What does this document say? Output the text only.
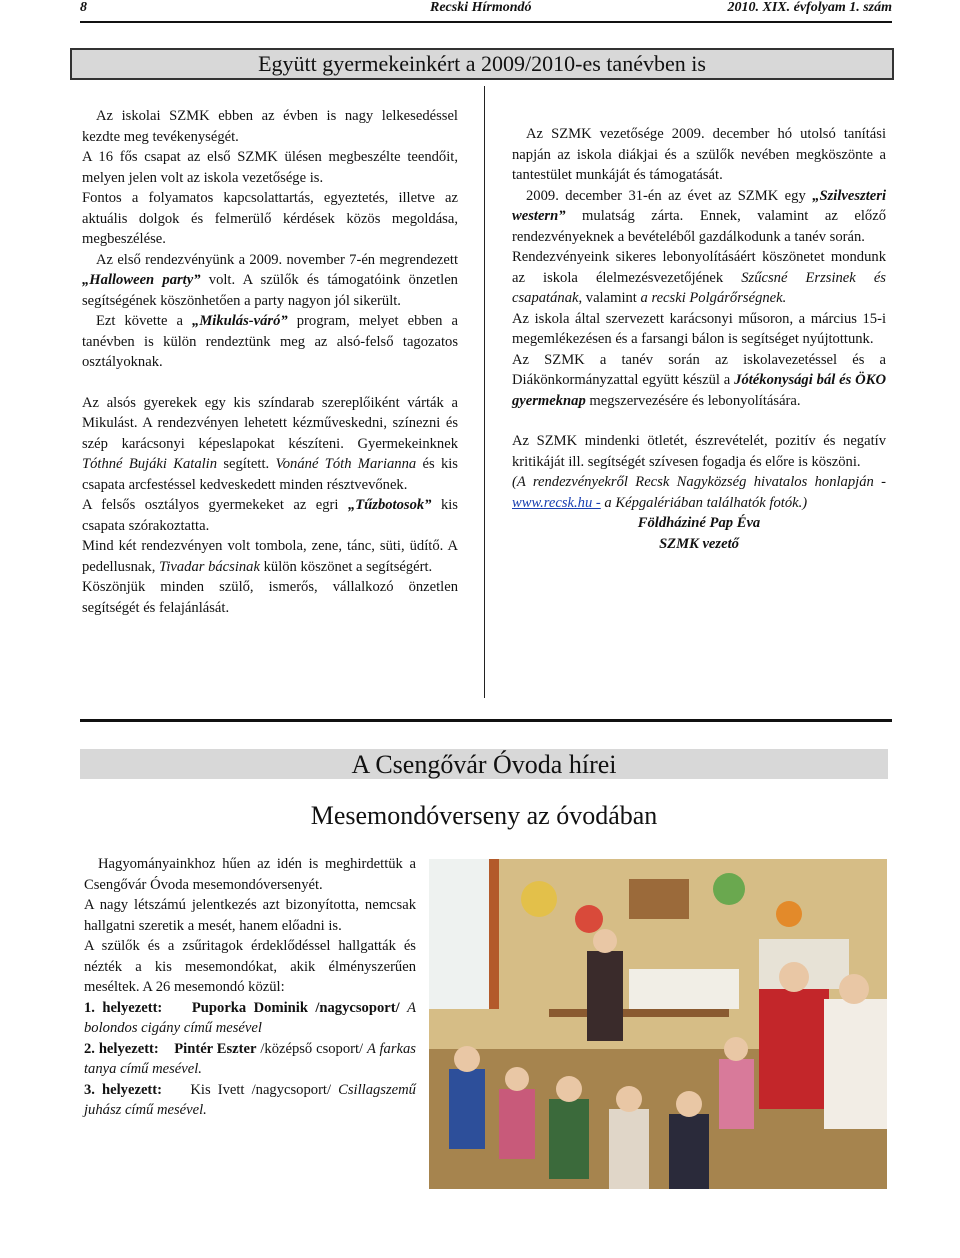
8	Recski Hírmondó	2010. XIX. évfolyam 1. szám
Együtt gyermekeinkért a 2009/2010-es tanévben is

Az iskolai SZMK ebben az évben is nagy lelkesedéssel kezdte meg tevékenységét.

A 16 fős csapat az első SZMK ülésen megbeszélte teendőit, melyen jelen volt az iskola vezetősége is.

Fontos a folyamatos kapcsolattartás, egyeztetés, illetve az aktuális dolgok és felmerülő kérdések közös megoldása, megbeszélése.

Az első rendezvényünk a 2009. november 7-én megrendezett „Halloween party” volt. A szülők és támogatóink önzetlen segítségének köszönhetően a party nagyon jól sikerült.

Ezt követte a „Mikulás-váró” program, melyet ebben a tanévben is külön rendeztünk meg az alsó-felső tagozatos osztályoknak.

Az alsós gyerekek egy kis színdarab szereplőiként várták a Mikulást. A rendezvényen lehetett kézműveskedni, színezni és szép karácsonyi képeslapokat készíteni. Gyermekeinknek Tóthné Bujáki Katalin segített. Vonáné Tóth Marianna és kis csapata arcfestéssel kedveskedett minden résztvevőnek.

A felsős osztályos gyermekeket az egri „Tűzbotosok” kis csapata szórakoztatta.

Mind két rendezvényen volt tombola, zene, tánc, süti, üdítő. A pedellusnak, Tivadar bácsinak külön köszönet a segítségért.

Köszönjük minden szülő, ismerős, vállalkozó önzetlen segítségét és felajánlását.

Az SZMK vezetősége 2009. december hó utolsó tanítási napján az iskola diákjai és a szülők nevében megköszönte a tantestület munkáját és támogatását.

2009. december 31-én az évet az SZMK egy „Szilveszteri western” mulatság zárta. Ennek, valamint az előző rendezvényeknek a bevételéből gazdálkodunk a tanév során.

Rendezvényeink sikeres lebonyolításáért köszönetet mondunk az iskola élelmezésvezetőjének Szűcsné Erzsinek és csapatának, valamint a recski Polgárőrségnek.

Az iskola által szervezett karácsonyi műsoron, a március 15-i megemlékezésen és a farsangi bálon is segítséget nyújtottunk.

Az SZMK a tanév során az iskolavezetéssel és a Diákönkormányzattal együtt készül a Jótékonysági bál és ÖKO gyermeknap megszervezésére és lebonyolítására.

Az SZMK mindenki ötletét, észrevételét, pozitív és negatív kritikáját ill. segítségét szívesen fogadja és előre is köszöni.

(A rendezvényekről Recsk Nagyközség hivatalos honlapján - www.recsk.hu - a Képgalériában találhatók fotók.)

Földháziné Pap Éva

SZMK vezető

A Csengővár Óvoda hírei
Mesemondóverseny az óvodában

Hagyományainkhoz hűen az idén is meghirdettük a Csengővár Óvoda mesemondóversenyét.

A nagy létszámú jelentkezés azt bizonyította, nemcsak hallgatni szeretik a mesét, hanem előadni is.

A szülők és a zsűritagok érdeklődéssel hallgatták és nézték a kis mesemondókat, akik élményszerűen meséltek. A 26 mesemondó közül:

1. helyezett: Puporka Dominik /nagycsoport/ A bolondos cigány című mesével

2. helyezett: Pintér Eszter /középső csoport/ A farkas tanya című mesével.

3. helyezett: Kis Ivett /nagycsoport/ Csillagszemű juhász című mesével.
